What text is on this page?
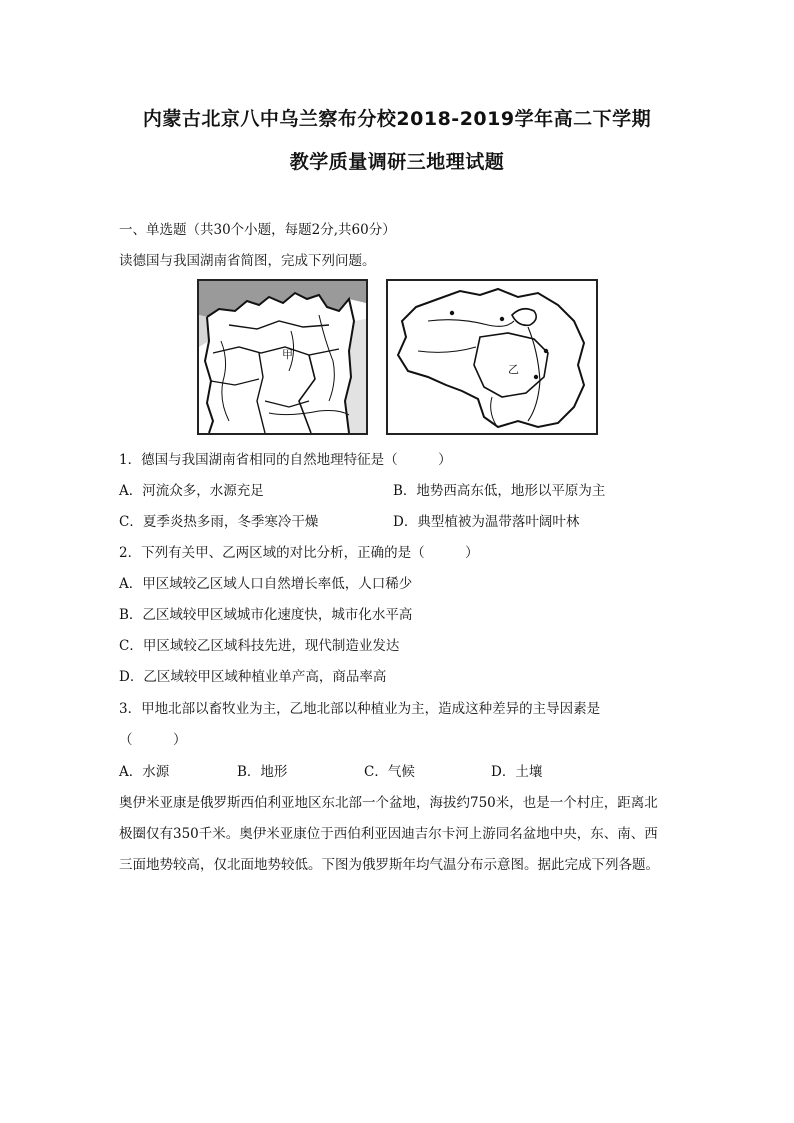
内蒙古北京八中乌兰察布分校2018-2019学年高二下学期
教学质量调研三地理试题
一、单选题（共30个小题，每题2分,共60分）
读德国与我国湖南省简图，完成下列问题。
甲
乙
1．德国与我国湖南省相同的自然地理特征是（　　　）
A．河流众多，水源充足	B．地势西高东低，地形以平原为主
C．夏季炎热多雨，冬季寒冷干燥	D．典型植被为温带落叶阔叶林
2．下列有关甲、乙两区域的对比分析，正确的是（　　　）
A．甲区域较乙区域人口自然增长率低，人口稀少
B．乙区域较甲区域城市化速度快，城市化水平高
C．甲区域较乙区域科技先进，现代制造业发达
D．乙区域较甲区域种植业单产高，商品率高
3．甲地北部以畜牧业为主，乙地北部以种植业为主，造成这种差异的主导因素是
（　　　）
A．水源	B．地形	C．气候	D．土壤
奥伊米亚康是俄罗斯西伯利亚地区东北部一个盆地，海拔约750米，也是一个村庄，距离北
极圈仅有350千米。奥伊米亚康位于西伯利亚因迪吉尔卡河上游同名盆地中央，东、南、西
三面地势较高，仅北面地势较低。下图为俄罗斯年均气温分布示意图。据此完成下列各题。
